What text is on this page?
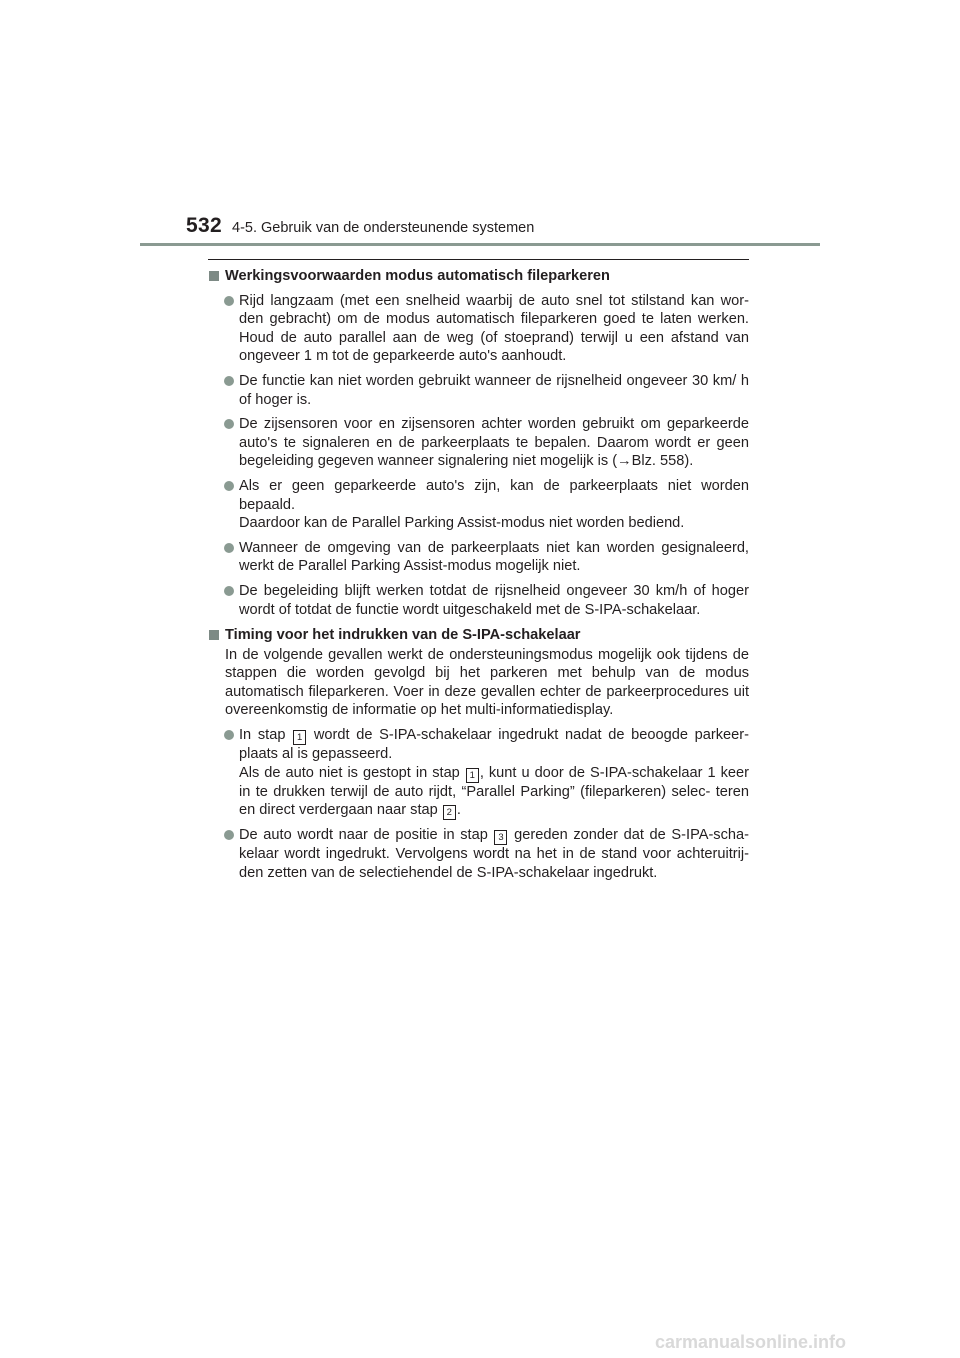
532 4-5. Gebruik van de ondersteunende systemen
Werkingsvoorwaarden modus automatisch fileparkeren

Rijd langzaam (met een snelheid waarbij de auto snel tot stilstand kan wor- den gebracht) om de modus automatisch fileparkeren goed te laten werken. Houd de auto parallel aan de weg (of stoeprand) terwijl u een afstand van ongeveer 1 m tot de geparkeerde auto's aanhoudt.

De functie kan niet worden gebruikt wanneer de rijsnelheid ongeveer 30 km/ h of hoger is.

De zijsensoren voor en zijsensoren achter worden gebruikt om geparkeerde auto's te signaleren en de parkeerplaats te bepalen. Daarom wordt er geen begeleiding gegeven wanneer signalering niet mogelijk is (→Blz. 558).

Als er geen geparkeerde auto's zijn, kan de parkeerplaats niet worden bepaald.

Daardoor kan de Parallel Parking Assist-modus niet worden bediend.

Wanneer de omgeving van de parkeerplaats niet kan worden gesignaleerd, werkt de Parallel Parking Assist-modus mogelijk niet.

De begeleiding blijft werken totdat de rijsnelheid ongeveer 30 km/h of hoger wordt of totdat de functie wordt uitgeschakeld met de S-IPA-schakelaar.

Timing voor het indrukken van de S-IPA-schakelaar
In de volgende gevallen werkt de ondersteuningsmodus mogelijk ook tijdens de stappen die worden gevolgd bij het parkeren met behulp van de modus automatisch fileparkeren. Voer in deze gevallen echter de parkeerprocedures uit overeenkomstig de informatie op het multi-informatiedisplay.

In stap 1 wordt de S-IPA-schakelaar ingedrukt nadat de beoogde parkeer- plaats al is gepasseerd.

Als de auto niet is gestopt in stap 1 , kunt u door de S-IPA-schakelaar 1 keer in te drukken terwijl de auto rijdt, “Parallel Parking” (fileparkeren) selec- teren en direct verdergaan naar stap 2 .

De auto wordt naar de positie in stap 3 gereden zonder dat de S-IPA-scha- kelaar wordt ingedrukt. Vervolgens wordt na het in de stand voor achteruitrij- den zetten van de selectiehendel de S-IPA-schakelaar ingedrukt.

carmanualsonline.info
